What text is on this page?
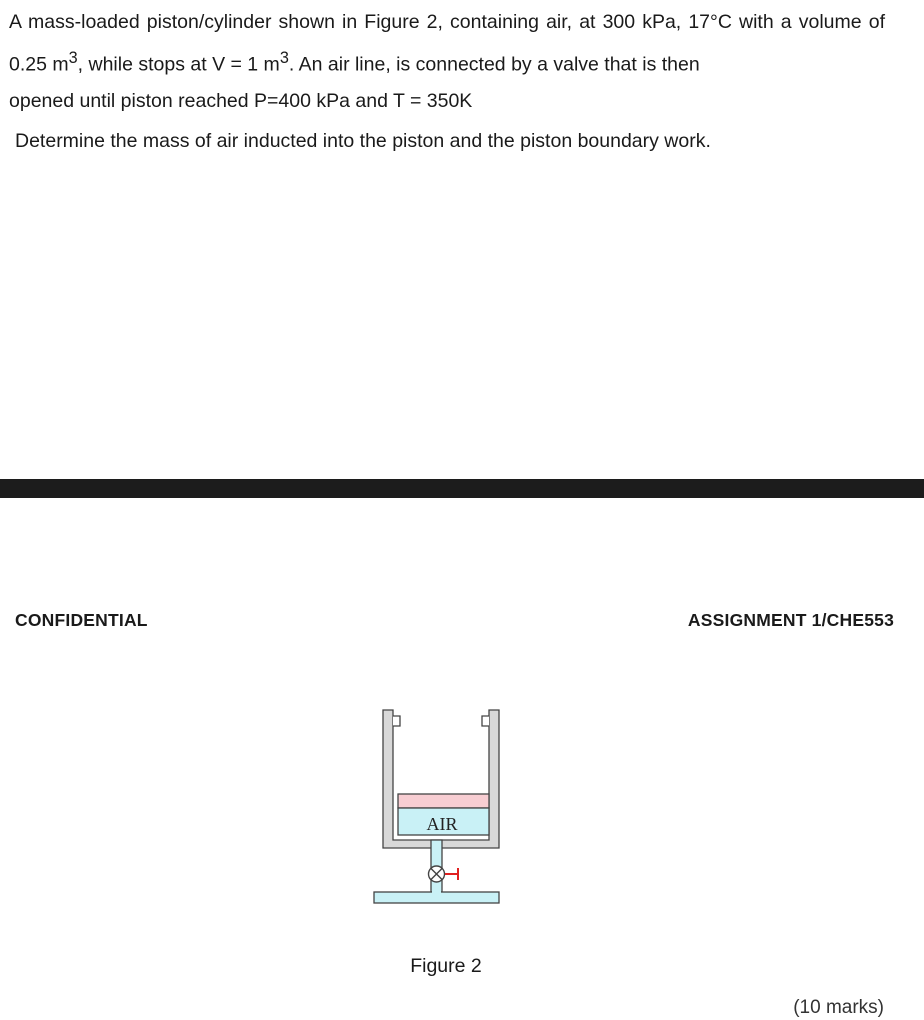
A mass-loaded piston/cylinder shown in Figure 2, containing air, at 300 kPa, 17°C with a volume of 0.25 $m^3$, while stops at V = 1 $m^3$. An air line, is connected by a valve that is then
opened until piston reached P=400 kPa and T = 350K
Determine the mass of air inducted into the piston and the piston boundary work.
CONFIDENTIAL	ASSIGNMENT 1/CHE553
AIR
Figure 2
(10 marks)
